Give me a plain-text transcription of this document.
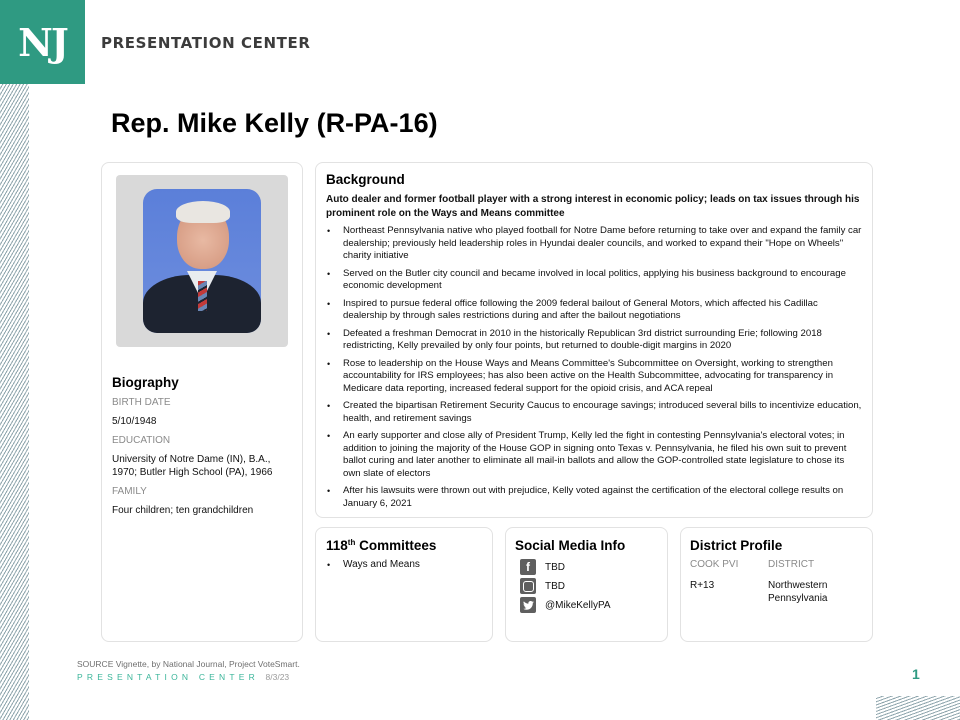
NJ PRESENTATION CENTER
Rep. Mike Kelly (R-PA-16)
Biography
BIRTH DATE
5/10/1948
EDUCATION
University of Notre Dame (IN), B.A., 1970; Butler High School (PA), 1966
FAMILY
Four children; ten grandchildren
Background

Auto dealer and former football player with a strong interest in economic policy; leads on tax issues through his prominent role on the Ways and Means committee

• Northeast Pennsylvania native who played football for Notre Dame before returning to take over and expand the family car dealership; previously held leadership roles in Hyundai dealer councils, and worked to expand their "Hope on Wheels" charity initiative
• Served on the Butler city council and became involved in local politics, applying his business background to encourage economic development
• Inspired to pursue federal office following the 2009 federal bailout of General Motors, which affected his Cadillac dealership by through sales restrictions during and after the bailout negotiations
• Defeated a freshman Democrat in 2010 in the historically Republican 3rd district surrounding Erie; following 2018 redistricting, Kelly prevailed by only four points, but returned to double-digit margins in 2020
• Rose to leadership on the House Ways and Means Committee's Subcommittee on Oversight, working to strengthen accountability for IRS employees; has also been active on the Health Subcommittee, advocating for transparency in Medicare data reporting, increased federal support for the opioid crisis, and ACA repeal
• Created the bipartisan Retirement Security Caucus to encourage savings; introduced several bills to incentivize education, health, and retirement savings
• An early supporter and close ally of President Trump, Kelly led the fight in contesting Pennsylvania's electoral votes; in addition to joining the majority of the House GOP in signing onto Texas v. Pennsylvania, he filed his own suit to prevent ballot curing and later another to eliminate all mail-in ballots and allow the GOP-controlled state legislature to chose its own slate of electors
• After his lawsuits were thrown out with prejudice, Kelly voted against the certification of the electoral college results on January 6, 2021
118th Committees
• Ways and Means
Social Media Info
f	TBD
TBD
@MikeKellyPA
District Profile
COOK PVI	DISTRICT
R+13	Northwestern Pennsylvania
SOURCE Vignette, by National Journal, Project VoteSmart.
PRESENTATION CENTER 8/3/23	1
